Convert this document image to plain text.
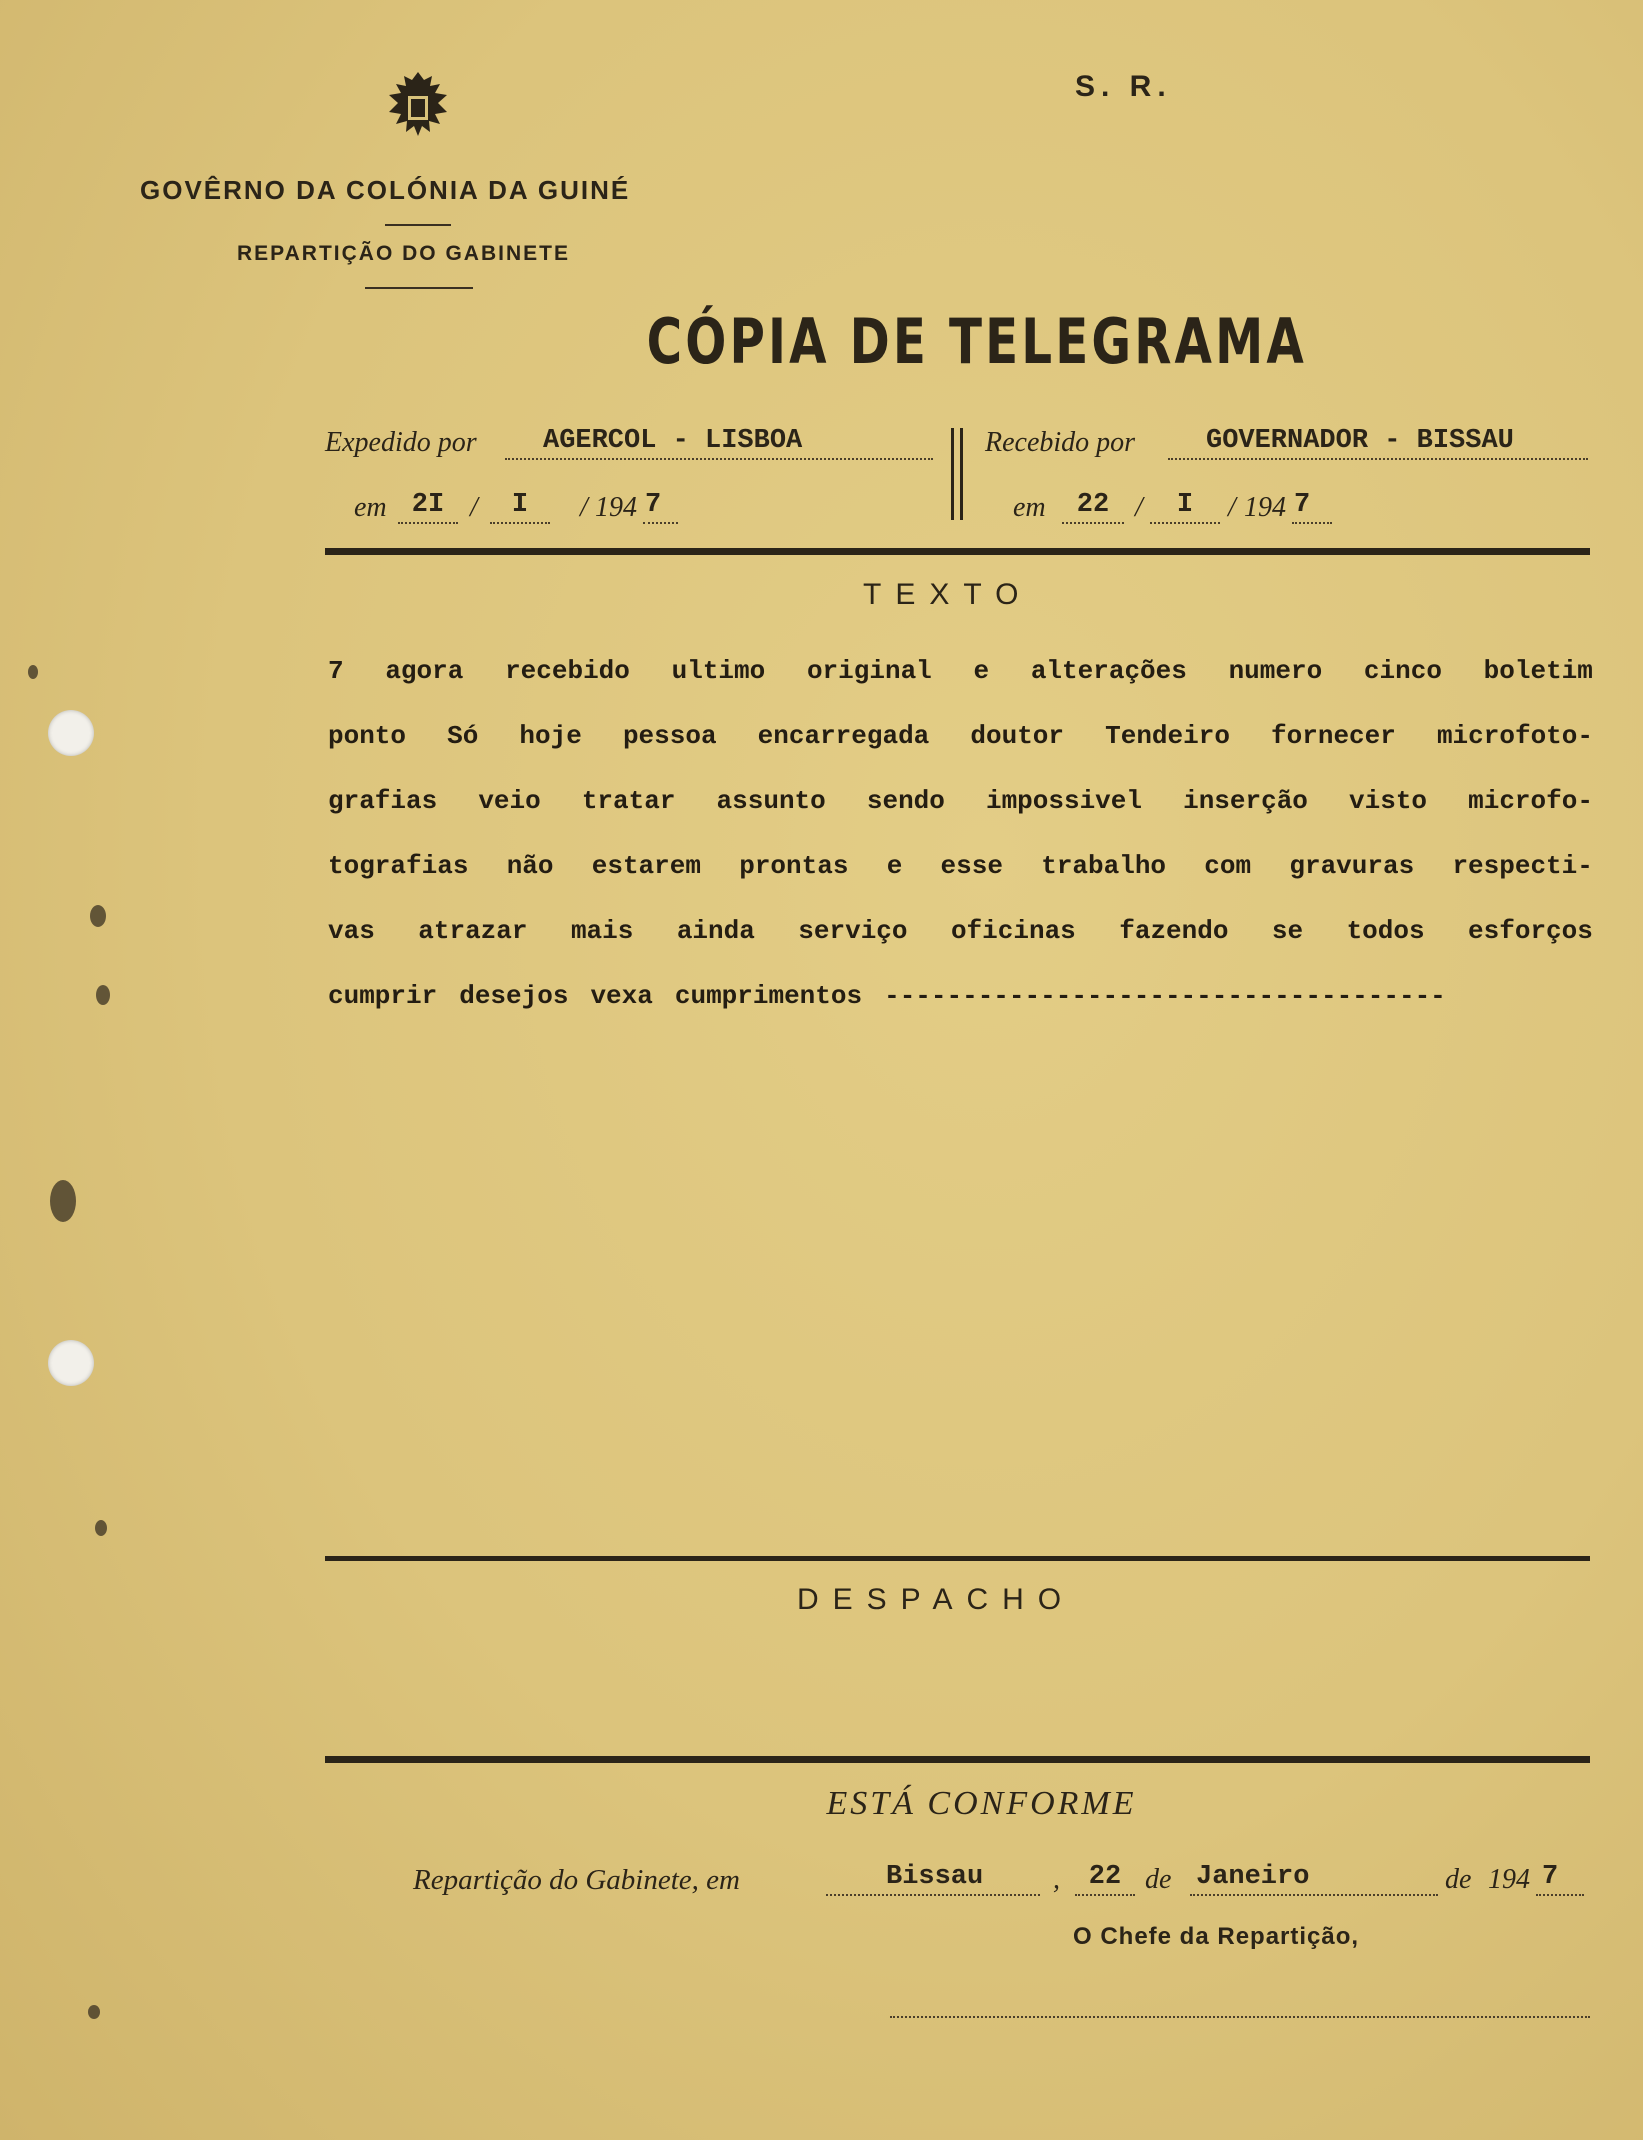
S. R.
GOVÊRNO DA COLÓNIA DA GUINÉ
REPARTIÇÃO DO GABINETE
CÓPIA DE TELEGRAMA
Expedido por	AGERCOL - LISBOA
em 2I /	I	/ 194 7
Recebido por	GOVERNADOR - BISSAU
em	22 /	I	/ 194 7
TEXTO
7 agora recebido ultimo original e alterações numero cinco boletim
ponto Só hoje pessoa encarregada doutor Tendeiro fornecer microfoto-
grafias veio tratar assunto sendo impossivel inserção visto microfo-
tografias não estarem prontas e esse trabalho com gravuras respecti-
vas atrazar mais ainda serviço oficinas fazendo se todos esforços
cumprir desejos vexa cumprimentos ------------------------------------
DESPACHO
ESTÁ CONFORME
Repartição do Gabinete, em	Bissau	,	22 de Janeiro	de 194 7
O Chefe da Repartição,
